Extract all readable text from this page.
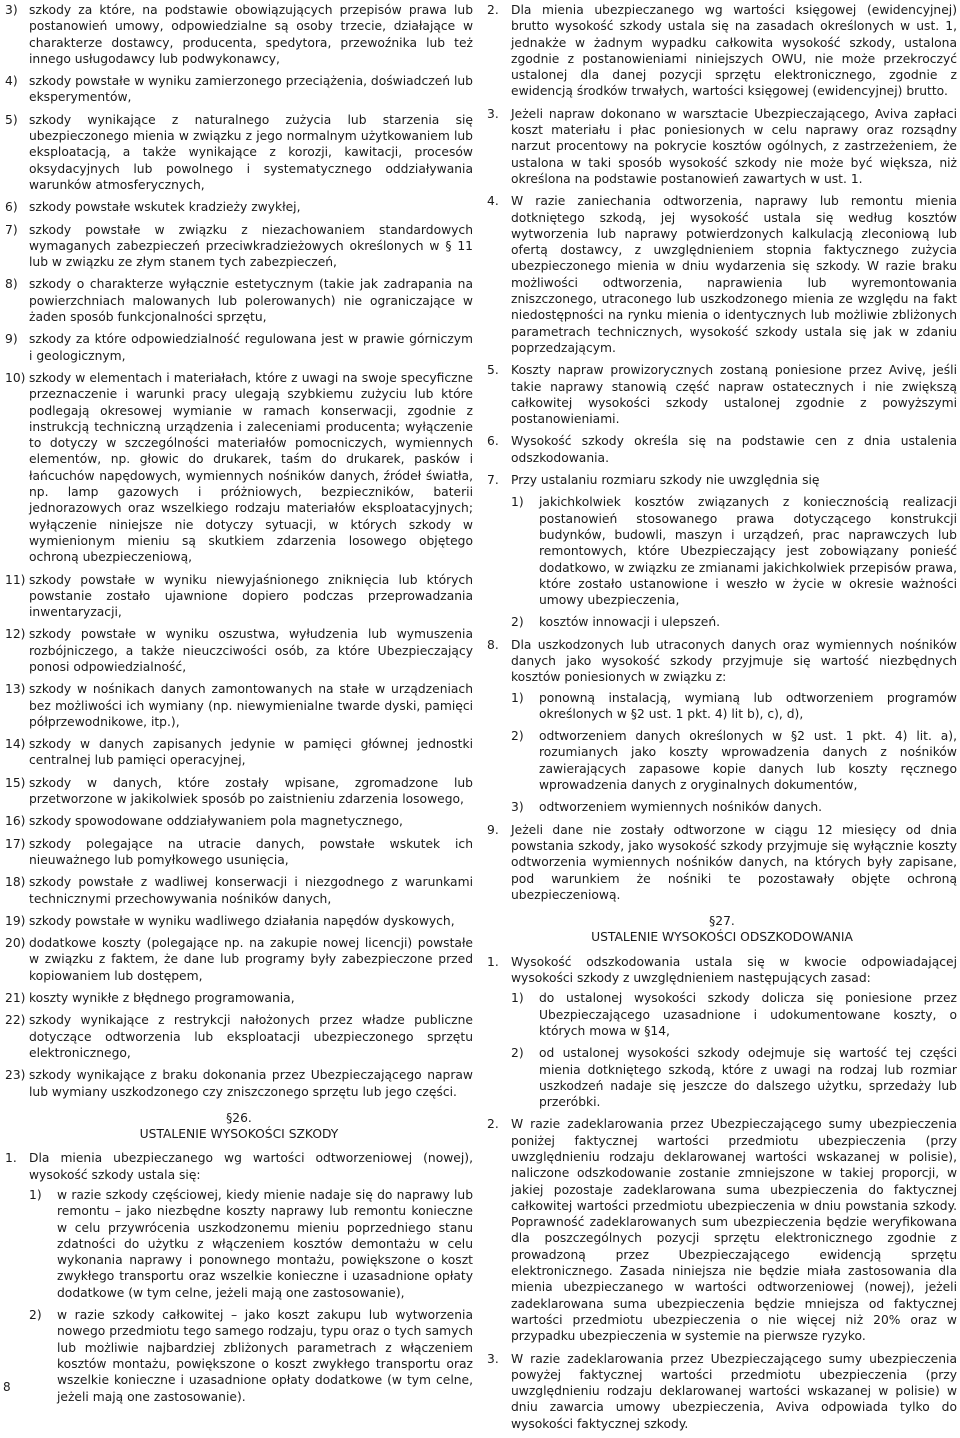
3) szkody za które, na podstawie obowiązujących przepisów prawa lub postanowień umowy, odpowiedzialne są osoby trzecie, działające w charakterze dostawcy, producenta, spedytora, przewoźnika lub też innego usługodawcy lub podwykonawcy,
4) szkody powstałe w wyniku zamierzonego przeciążenia, doświadczeń lub eksperymentów,
5) szkody wynikające z naturalnego zużycia lub starzenia się ubezpieczonego mienia w związku z jego normalnym użytkowaniem lub eksploatacją, a także wynikające z korozji, kawitacji, procesów oksydacyjnych lub powolnego i systematycznego oddziaływania warunków atmosferycznych,
6) szkody powstałe wskutek kradzieży zwykłej,
7) szkody powstałe w związku z niezachowaniem standardowych wymaganych zabezpieczeń przeciwkradzieżowych określonych w § 11 lub w związku ze złym stanem tych zabezpieczeń,
8) szkody o charakterze wyłącznie estetycznym (takie jak zadrapania na powierzchniach malowanych lub polerowanych) nie ograniczające w żaden sposób funkcjonalności sprzętu,
9) szkody za które odpowiedzialność regulowana jest w prawie górniczym i geologicznym,
10) szkody w elementach i materiałach, które z uwagi na swoje specyficzne przeznaczenie i warunki pracy ulegają szybkiemu zużyciu lub które podlegają okresowej wymianie w ramach konserwacji, zgodnie z instrukcją techniczną urządzenia i zaleceniami producenta; wyłączenie to dotyczy w szczególności materiałów pomocniczych, wymiennych elementów, np. głowic do drukarek, taśm do drukarek, pasków i łańcuchów napędowych, wymiennych nośników danych, źródeł światła, np. lamp gazowych i próżniowych, bezpieczników, baterii jednorazowych oraz wszelkiego rodzaju materiałów eksploatacyjnych; wyłączenie niniejsze nie dotyczy sytuacji, w których szkody w wymienionym mieniu są skutkiem zdarzenia losowego objętego ochroną ubezpieczeniową,
11) szkody powstałe w wyniku niewyjaśnionego zniknięcia lub których powstanie zostało ujawnione dopiero podczas przeprowadzania inwentaryzacji,
12) szkody powstałe w wyniku oszustwa, wyłudzenia lub wymuszenia rozbójniczego, a także nieuczciwości osób, za które Ubezpieczający ponosi odpowiedzialność,
13) szkody w nośnikach danych zamontowanych na stałe w urządzeniach bez możliwości ich wymiany (np. niewymienialne twarde dyski, pamięci półprzewodnikowe, itp.),
14) szkody w danych zapisanych jedynie w pamięci głównej jednostki centralnej lub pamięci operacyjnej,
15) szkody w danych, które zostały wpisane, zgromadzone lub przetworzone w jakikolwiek sposób po zaistnieniu zdarzenia losowego,
16) szkody spowodowane oddziaływaniem pola magnetycznego,
17) szkody polegające na utracie danych, powstałe wskutek ich nieuważnego lub pomyłkowego usunięcia,
18) szkody powstałe z wadliwej konserwacji i niezgodnego z warunkami technicznymi przechowywania nośników danych,
19) szkody powstałe w wyniku wadliwego działania napędów dyskowych,
20) dodatkowe koszty (polegające np. na zakupie nowej licencji) powstałe w związku z faktem, że dane lub programy były zabezpieczone przed kopiowaniem lub dostępem,
21) koszty wynikłe z błędnego programowania,
22) szkody wynikające z restrykcji nałożonych przez władze publiczne dotyczące odtworzenia lub eksploatacji ubezpieczonego sprzętu elektronicznego,
23) szkody wynikające z braku dokonania przez Ubezpieczającego napraw lub wymiany uszkodzonego czy zniszczonego sprzętu lub jego części.
§26.
USTALENIE WYSOKOŚCI SZKODY
1. Dla mienia ubezpieczanego wg wartości odtworzeniowej (nowej), wysokość szkody ustala się:
1) w razie szkody częściowej, kiedy mienie nadaje się do naprawy lub remontu – jako niezbędne koszty naprawy lub remontu konieczne w celu przywrócenia uszkodzonemu mieniu poprzedniego stanu zdatności do użytku z włączeniem kosztów demontażu w celu wykonania naprawy i ponownego montażu, powiększone o koszt zwykłego transportu oraz wszelkie konieczne i uzasadnione opłaty dodatkowe (w tym celne, jeżeli mają one zastosowanie),
2) w razie szkody całkowitej – jako koszt zakupu lub wytworzenia nowego przedmiotu tego samego rodzaju, typu oraz o tych samych lub możliwie najbardziej zbliżonych parametrach z włączeniem kosztów montażu, powiększone o koszt zwykłego transportu oraz wszelkie konieczne i uzasadnione opłaty dodatkowe (w tym celne, jeżeli mają one zastosowanie).
2. Dla mienia ubezpieczanego wg wartości księgowej (ewidencyjnej) brutto wysokość szkody ustala się na zasadach określonych w ust. 1, jednakże w żadnym wypadku całkowita wysokość szkody, ustalona zgodnie z postanowieniami niniejszych OWU, nie może przekroczyć ustalonej dla danej pozycji sprzętu elektronicznego, zgodnie z ewidencją środków trwałych, wartości księgowej (ewidencyjnej) brutto.
3. Jeżeli napraw dokonano w warsztacie Ubezpieczającego, Aviva zapłaci koszt materiału i płac poniesionych w celu naprawy oraz rozsądny narzut procentowy na pokrycie kosztów ogólnych, z zastrzeżeniem, że ustalona w taki sposób wysokość szkody nie może być większa, niż określona na podstawie postanowień zawartych w ust. 1.
4. W razie zaniechania odtworzenia, naprawy lub remontu mienia dotkniętego szkodą, jej wysokość ustala się według kosztów wytworzenia lub naprawy potwierdzonych kalkulacją zleconiową lub ofertą dostawcy, z uwzględnieniem stopnia faktycznego zużycia ubezpieczonego mienia w dniu wydarzenia się szkody. W razie braku możliwości odtworzenia, naprawienia lub wyremontowania zniszczonego, utraconego lub uszkodzonego mienia ze względu na fakt niedostępności na rynku mienia o identycznych lub możliwie zbliżonych parametrach technicznych, wysokość szkody ustala się jak w zdaniu poprzedzającym.
5. Koszty napraw prowizorycznych zostaną poniesione przez Avivę, jeśli takie naprawy stanowią część napraw ostatecznych i nie zwiększą całkowitej wysokości szkody ustalonej zgodnie z powyższymi postanowieniami.
6. Wysokość szkody określa się na podstawie cen z dnia ustalenia odszkodowania.
7. Przy ustalaniu rozmiaru szkody nie uwzględnia się
1) jakichkolwiek kosztów związanych z koniecznością realizacji postanowień stosowanego prawa dotyczącego konstrukcji budynków, budowli, maszyn i urządzeń, prac naprawczych lub remontowych, które Ubezpieczający jest zobowiązany ponieść dodatkowo, w związku ze zmianami jakichkolwiek przepisów prawa, które zostało ustanowione i weszło w życie w okresie ważności umowy ubezpieczenia,
2) kosztów innowacji i ulepszeń.
8. Dla uszkodzonych lub utraconych danych oraz wymiennych nośników danych jako wysokość szkody przyjmuje się wartość niezbędnych kosztów poniesionych w związku z:
1) ponowną instalacją, wymianą lub odtworzeniem programów określonych w §2 ust. 1 pkt. 4) lit b), c), d),
2) odtworzeniem danych określonych w §2 ust. 1 pkt. 4) lit. a), rozumianych jako koszty wprowadzenia danych z nośników zawierających zapasowe kopie danych lub koszty ręcznego wprowadzenia danych z oryginalnych dokumentów,
3) odtworzeniem wymiennych nośników danych.
9. Jeżeli dane nie zostały odtworzone w ciągu 12 miesięcy od dnia powstania szkody, jako wysokość szkody przyjmuje się wyłącznie koszty odtworzenia wymiennych nośników danych, na których były zapisane, pod warunkiem że nośniki te pozostawały objęte ochroną ubezpieczeniową.
§27.
USTALENIE WYSOKOŚCI ODSZKODOWANIA
1. Wysokość odszkodowania ustala się w kwocie odpowiadającej wysokości szkody z uwzględnieniem następujących zasad:
1) do ustalonej wysokości szkody dolicza się poniesione przez Ubezpieczającego uzasadnione i udokumentowane koszty, o których mowa w §14,
2) od ustalonej wysokości szkody odejmuje się wartość tej części mienia dotkniętego szkodą, które z uwagi na rodzaj lub rozmiar uszkodzeń nadaje się jeszcze do dalszego użytku, sprzedaży lub przeróbki.
2. W razie zadeklarowania przez Ubezpieczającego sumy ubezpieczenia poniżej faktycznej wartości przedmiotu ubezpieczenia (przy uwzględnieniu rodzaju deklarowanej wartości wskazanej w polisie), naliczone odszkodowanie zostanie zmniejszone w takiej proporcji, w jakiej pozostaje zadeklarowana suma ubezpieczenia do faktycznej całkowitej wartości przedmiotu ubezpieczenia w dniu powstania szkody. Poprawność zadeklarowanych sum ubezpieczenia będzie weryfikowana dla poszczególnych pozycji sprzętu elektronicznego zgodnie z prowadzoną przez Ubezpieczającego ewidencją sprzętu elektronicznego. Zasada niniejsza nie będzie miała zastosowania dla mienia ubezpieczanego w wartości odtworzeniowej (nowej), jeżeli zadeklarowana suma ubezpieczenia będzie mniejsza od faktycznej wartości przedmiotu ubezpieczenia o nie więcej niż 20% oraz w przypadku ubezpieczenia w systemie na pierwsze ryzyko.
3. W razie zadeklarowania przez Ubezpieczającego sumy ubezpieczenia powyżej faktycznej wartości przedmiotu ubezpieczenia (przy uwzględnieniu rodzaju deklarowanej wartości wskazanej w polisie) w dniu zawarcia umowy ubezpieczenia, Aviva odpowiada tylko do wysokości faktycznej szkody.
8
